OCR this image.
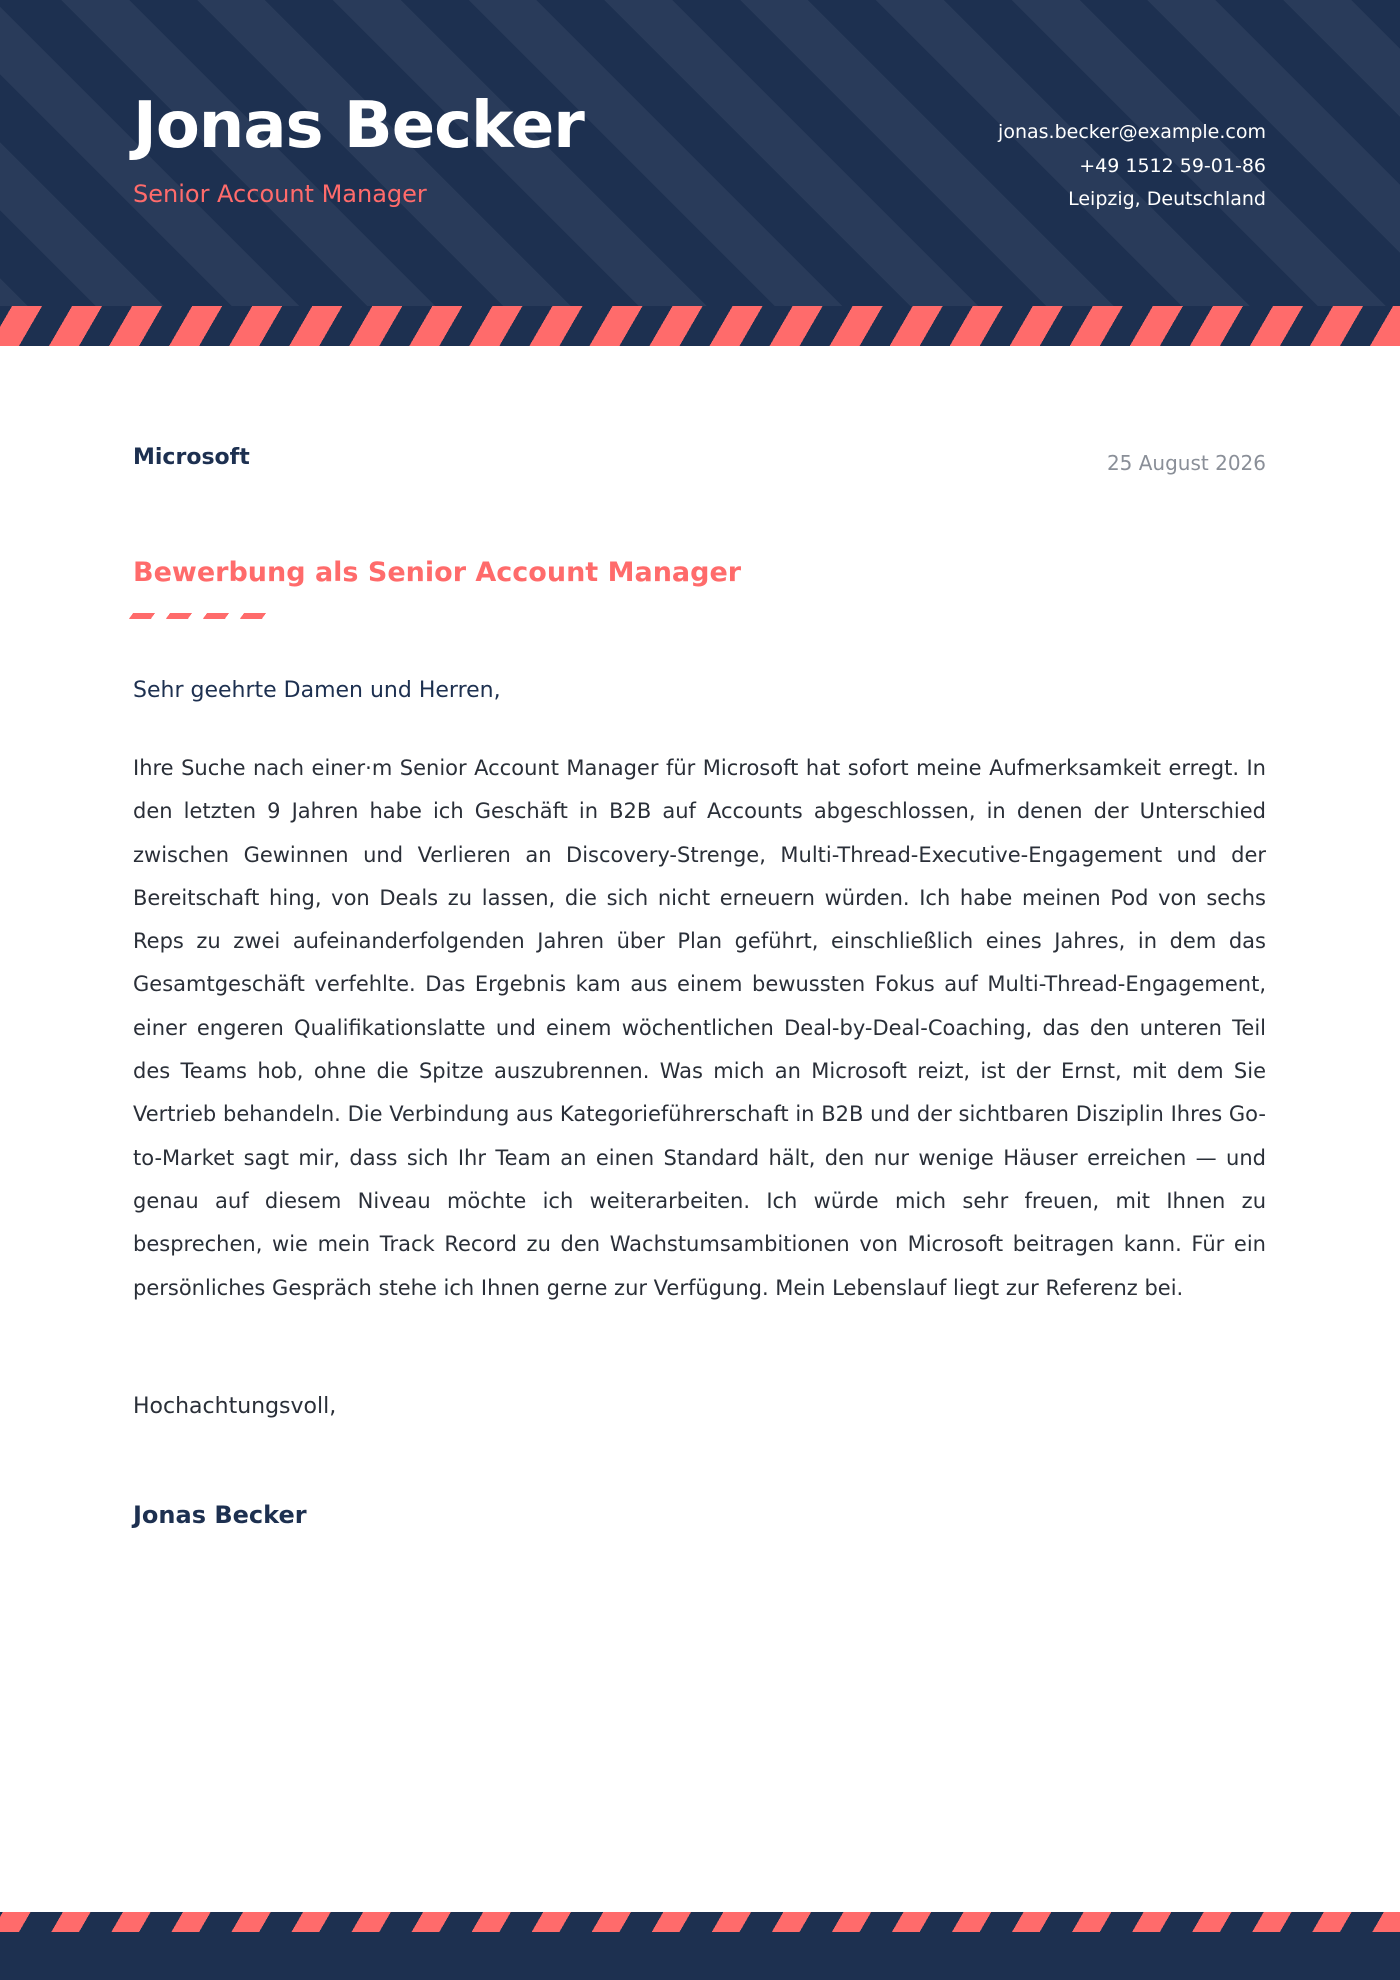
Jonas Becker
Senior Account Manager
jonas.becker@example.com
+49 1512 59-01-86
Leipzig, Deutschland
Microsoft	25 August 2026
Bewerbung als Senior Account Manager
Sehr geehrte Damen und Herren,

Ihre Suche nach einer·m Senior Account Manager für Microsoft hat sofort meine Aufmerksamkeit erregt. In den letzten 9 Jahren habe ich Geschäft in B2B auf Accounts abgeschlossen, in denen der Unterschied zwischen Gewinnen und Verlieren an Discovery-Strenge, Multi-Thread-Executive-Engagement und der Bereitschaft hing, von Deals zu lassen, die sich nicht erneuern würden. Ich habe meinen Pod von sechs Reps zu zwei aufeinanderfolgenden Jahren über Plan geführt, einschließlich eines Jahres, in dem das Gesamtgeschäft verfehlte. Das Ergebnis kam aus einem bewussten Fokus auf Multi-Thread-Engagement, einer engeren Qualifikationslatte und einem wöchentlichen Deal-by-Deal-Coaching, das den unteren Teil des Teams hob, ohne die Spitze auszubrennen. Was mich an Microsoft reizt, ist der Ernst, mit dem Sie Vertrieb behandeln. Die Verbindung aus Kategorieführerschaft in B2B und der sichtbaren Disziplin Ihres Go-to-Market sagt mir, dass sich Ihr Team an einen Standard hält, den nur wenige Häuser erreichen — und genau auf diesem Niveau möchte ich weiterarbeiten. Ich würde mich sehr freuen, mit Ihnen zu besprechen, wie mein Track Record zu den Wachstumsambitionen von Microsoft beitragen kann. Für ein persönliches Gespräch stehe ich Ihnen gerne zur Verfügung. Mein Lebenslauf liegt zur Referenz bei.

Hochachtungsvoll,
Jonas Becker
